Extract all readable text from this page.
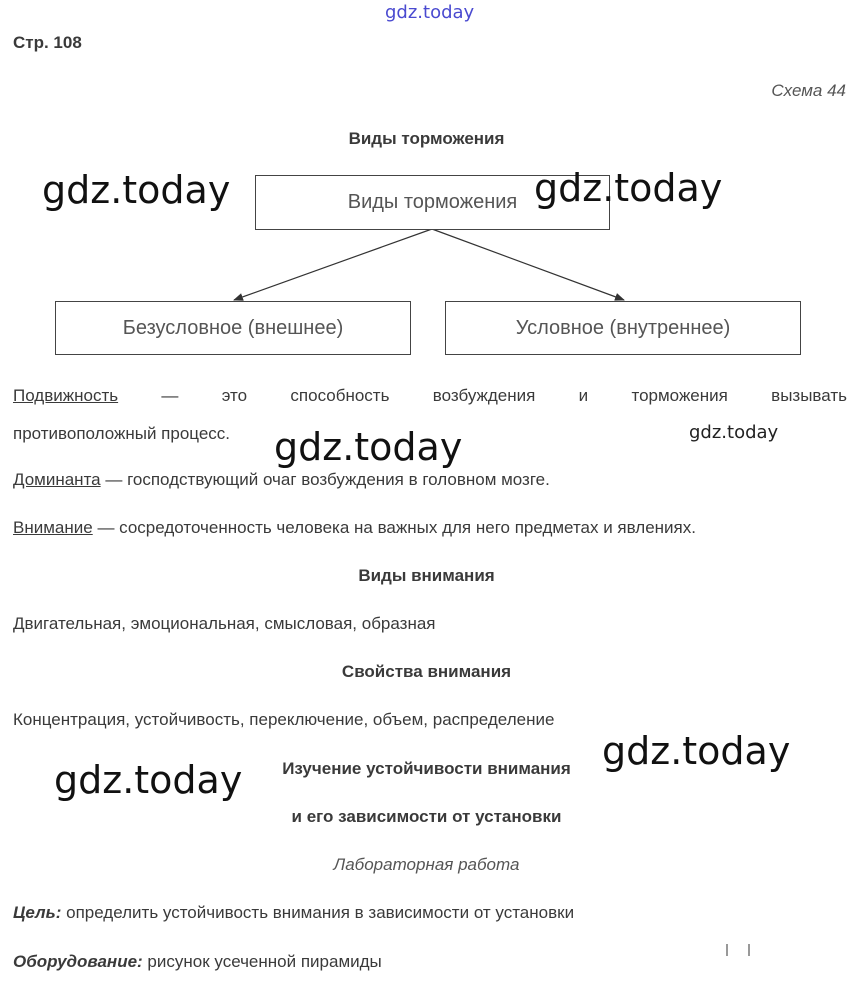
gdz.today
Стр. 108
Схема 44
Виды торможения
Виды торможения
Безусловное (внешнее)	Условное (внутреннее)
Подвижность	—	это	способность	возбуждения	и	торможения	вызывать
противоположный процесс.
Доминанта — господствующий очаг возбуждения в головном мозге.
Внимание — сосредоточенность человека на важных для него предметах и явлениях.
Виды внимания
Двигательная, эмоциональная, смысловая, образная
Свойства внимания
Концентрация, устойчивость, переключение, объем, распределение
Изучение устойчивости внимания
и его зависимости от установки
Лабораторная работа
Цель: определить устойчивость внимания в зависимости от установки
Оборудование: рисунок усеченной пирамиды
gdz.today	gdz.today
gdz.today	gdz.today
gdz.today
gdz.today
